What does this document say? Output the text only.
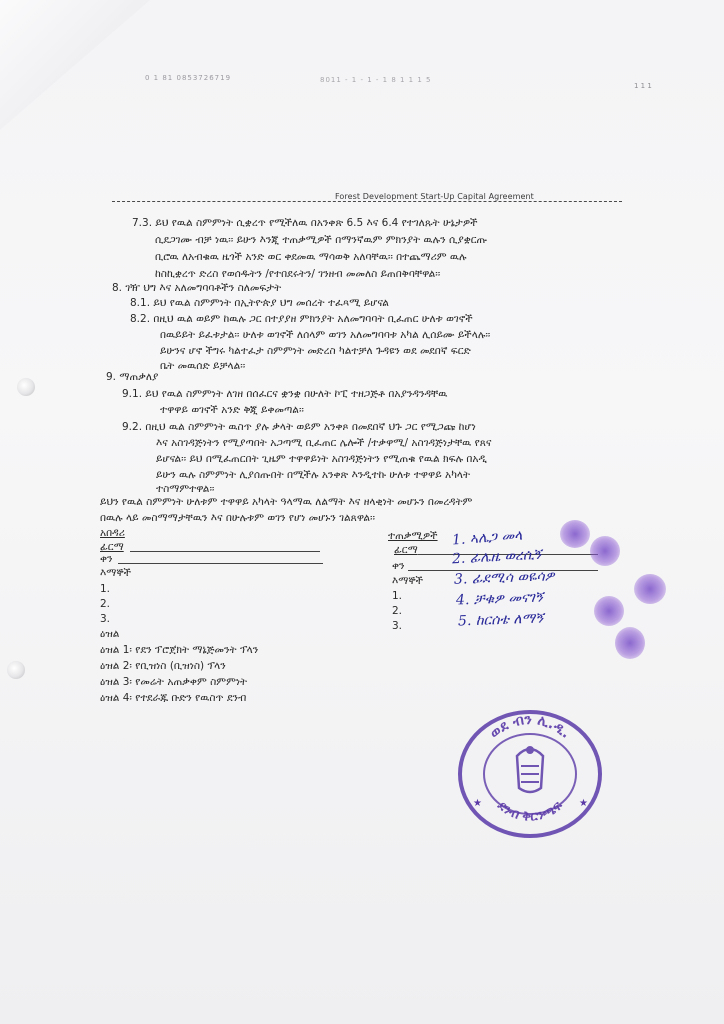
0 1 81 0853726719	8011 - 1 - 1 - 1 8 1 1 1 5
1 1 1
Forest Development Start-Up Capital Agreement
7.3. ይህ የዉል ስምምነት ሲቋረጥ የሚችለዉ በአንቀጽ 6.5 እና 6.4 የተገለጹት ሁኔታዎች
ሲደጋገሙ ብቻ ነዉ፡፡ ይሁን እንጂ ተጠቃሚዎች በማንኛዉም ምክንያት ዉሉን ሲያቋርጡ
ቢሮዉ ለአብቁዉ ዜጎች አንድ ወር ቀደመዉ ማሳወቅ አለባቸዉ፡፡ በተጨማሪም ዉሉ
ከስኪቋረጥ ድረስ የወሰዱትን /የተበደሩትን/ ገንዘብ መመለስ ይጠበቅባቸዋል፡፡
8. ገዥ ህግ እና አለመግባባቶችን ስለመፍታት
8.1. ይህ የዉል ስምምነት በኢትዮጵያ ህግ መሰረት ተፈጻሚ ይሆናል
8.2. በዚህ ዉል ወይም ከዉሉ ጋር በተያያዘ ምክንያት አለመግባባት ቢፈጠር ሁለቱ ወገኖች
በዉይይት ይፈቱታል፡፡ ሁለቱ ወገኖች ለሰላም ወገን አለመግባባቱ አካል ሊሰይሙ ይችላሉ፡፡
ይሁንና ሆኖ ችግሩ ካልተፈታ ስምምነት መድረስ ካልተቻለ ጉዳዩን ወደ መደበኛ ፍርድ
ቤት መዉሰድ ይቻላል፡፡
9. ማጠቃለያ
9.1. ይህ የዉል ስምምነት ለገዘ በሰፈርና ቋንቋ በሁለት ኮፒ ተዘጋጅቶ በአያንዳንዳቸዉ
ተዋዋይ ወገኖች አንድ ቅጂ ይቀመጣል፡፡
9.2. በዚህ ዉል ስምምነት ዉስጥ ያሉ ቃላት ወይም አንቀጾ በመደበኛ ህጉ ጋር የሚጋጩ ከሆነ
እና አስገዳጅነትን የሚያጣበት አጋጣሚ ቢፈጠር ሌሎች /ተቃዋሚ/ አስገዳጅነታቸዉ የጸና
ይሆናል፡፡ ይህ በሚፈጠርበት ጊዜም ተዋዋይነት አስገዳጅነትን የሚጠቁ የዉል ክፍሉ በአዲ
ይሁን ዉሉ ስምምነት ሊያሰጡበት በሚችሉ አንቀጽ እንዲተኩ ሁለቱ ተዋዋይ አካላት
ተስማምተዋል፡፡
ይህን የዉል ስምምነት ሁለቱም ተዋዋይ አካላት ዓላማዉ ለልማት እና ዘላቂነት መሆኑን በመረዳትም
በዉሉ ላይ መስማማታቸዉን እና በሁሉቱም ወገን የሆነ መሆኑን ገልጸዋል፡፡
አበዳሪ
ፊርማ
ቀን
እማኞች
1.
2.
3.
ተጠቃሚዎች
ፊርማ
ቀን
እማኞች
1.
2.
3.
ዕዝል
ዕዝል 1፡ የደን ፕሮጀክት ማኔጅመንት ፕላን
ዕዝል 2፡ የቢዝነስ (ቢዝነስ) ፕላን
ዕዝል 3፡ የመሬት አጠቃቀም ስምምነት
ዕዝል 4፡ የተደራጁ ቡድን የዉስጥ ደንብ
1. ኣሌጋ መላ
2. ፊሌዜ ወረሲኝ
3. ፊደሚሳ ወዬሳዎ
4. ቻቁዎ መናገኝ
5. ከርሰቴ ለማኝ
ወደ ብን ሊ.ዲ.
ደንብ ቅርንጫፍ
★	★
